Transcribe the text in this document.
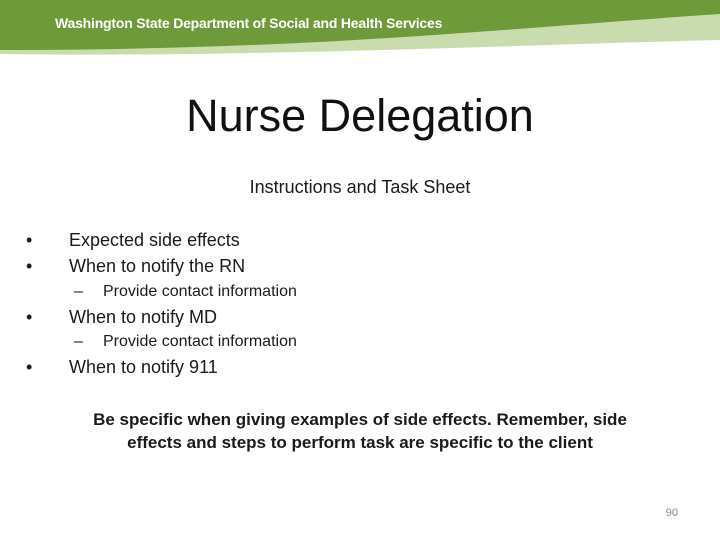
Washington State Department of Social and Health Services
Nurse Delegation
Instructions and Task Sheet
• Expected side effects
• When to notify the RN
– Provide contact information
• When to notify MD
– Provide contact information
• When to notify 911
Be specific when giving examples of side effects. Remember, side
effects and steps to perform task are specific to the client
90
